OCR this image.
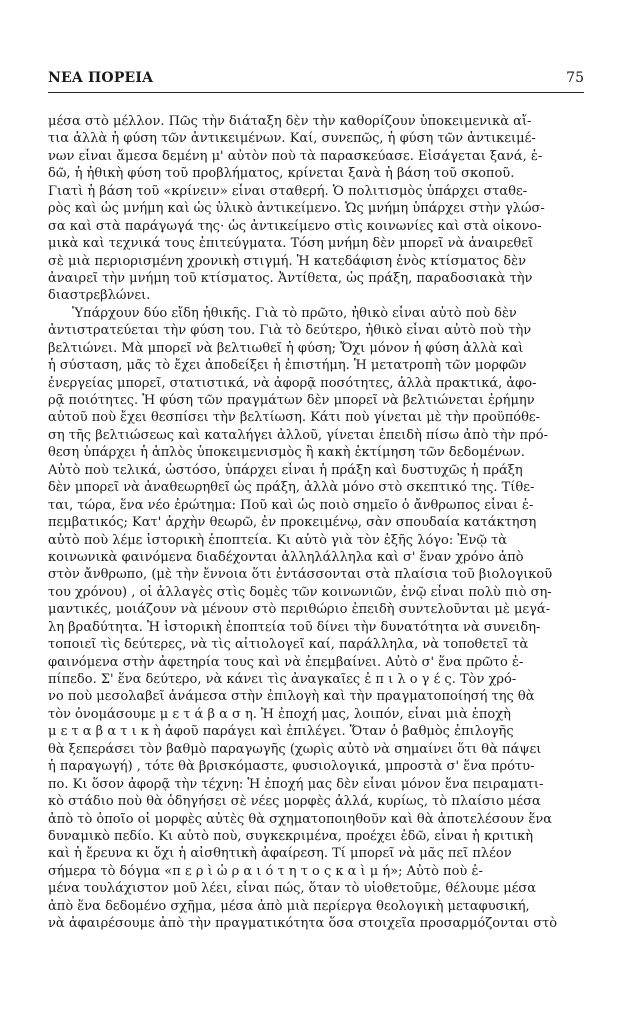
ΝΕΑ ΠΟΡΕΙΑ	75
μέσα στὸ μέλλον. Πῶς τὴν διάταξη δὲν τὴν καθορίζουν ὑποκειμενικὰ αἴ-
τια ἀλλὰ ἡ φύση τῶν ἀντικειμένων. Καί, συνεπῶς, ἡ φύση τῶν ἀντικειμέ-
νων εἶναι ἄμεσα δεμένη μ' αὐτὸν ποὺ τὰ παρασκεύασε. Εἰσάγεται ξανά, ἐ-
δῶ, ἡ ἠθικὴ φύση τοῦ προβλήματος, κρίνεται ξανὰ ἡ βάση τοῦ σκοποῦ.
Γιατὶ ἡ βάση τοῦ «κρίνειν» εἶναι σταθερή. Ὁ πολιτισμὸς ὑπάρχει σταθε-
ρὸς καὶ ὡς μνήμη καὶ ὡς ὑλικὸ ἀντικείμενο. Ὡς μνήμη ὑπάρχει στὴν γλώσ-
σα καὶ στὰ παράγωγά της· ὡς ἀντικείμενο στὶς κοινωνίες καὶ στὰ οἰκονο-
μικὰ καὶ τεχνικά τους ἐπιτεύγματα. Τόση μνήμη δὲν μπορεῖ νὰ ἀναιρεθεῖ
σὲ μιὰ περιορισμένη χρονικὴ στιγμή. Ἡ κατεδάφιση ἑνὸς κτίσματος δὲν
ἀναιρεῖ τὴν μνήμη τοῦ κτίσματος. Ἀντίθετα, ὡς πράξη, παραδοσιακὰ τὴν
διαστρεβλώνει.
Ὑπάρχουν δύο εἴδη ἠθικῆς. Γιὰ τὸ πρῶτο, ἠθικὸ εἶναι αὐτὸ ποὺ δὲν
ἀντιστρατεύεται τὴν φύση του. Γιὰ τὸ δεύτερο, ἠθικὸ εἶναι αὐτὸ ποὺ τὴν
βελτιώνει. Μὰ μπορεῖ νὰ βελτιωθεῖ ἡ φύση; Ὄχι μόνον ἡ φύση ἀλλὰ καὶ
ἡ σύσταση, μᾶς τὸ ἔχει ἀποδείξει ἡ ἐπιστήμη. Ἡ μετατροπὴ τῶν μορφῶν
ἐνεργείας μπορεῖ, στατιστικά, νὰ ἀφορᾷ ποσότητες, ἀλλὰ πρακτικά, ἀφο-
ρᾷ ποιότητες. Ἡ φύση τῶν πραγμάτων δὲν μπορεῖ νὰ βελτιώνεται ἐρήμην
αὐτοῦ ποὺ ἔχει θεσπίσει τὴν βελτίωση. Κάτι ποὺ γίνεται μὲ τὴν προϋπόθε-
ση τῆς βελτιώσεως καὶ καταλήγει ἀλλοῦ, γίνεται ἐπειδὴ πίσω ἀπὸ τὴν πρό-
θεση ὑπάρχει ἡ ἁπλὸς ὑποκειμενισμὸς ἢ κακὴ ἐκτίμηση τῶν δεδομένων.
Αὐτὸ ποὺ τελικά, ὡστόσο, ὑπάρχει εἶναι ἡ πράξη καὶ δυστυχῶς ἡ πράξη
δὲν μπορεῖ νὰ ἀναθεωρηθεῖ ὡς πράξη, ἀλλὰ μόνο στὸ σκεπτικό της. Τίθε-
ται, τώρα, ἕνα νέο ἐρώτημα: Ποῦ καὶ ὡς ποιὸ σημεῖο ὁ ἄνθρωπος εἶναι ἐ-
πεμβατικός; Κατ' ἀρχὴν θεωρῶ, ἐν προκειμένῳ, σὰν σπουδαία κατάκτηση
αὐτὸ ποὺ λέμε ἱστορικὴ ἐποπτεία. Κι αὐτὸ γιὰ τὸν ἑξῆς λόγο: Ἐνῷ τὰ
κοινωνικὰ φαινόμενα διαδέχονται ἀλληλάλληλα καὶ σ' ἕναν χρόνο ἀπὸ
στὸν ἄνθρωπο, (μὲ τὴν ἔννοια ὅτι ἐντάσσονται στὰ πλαίσια τοῦ βιολογικοῦ
του χρόνου) , οἱ ἀλλαγὲς στὶς δομὲς τῶν κοινωνιῶν, ἐνῷ εἶναι πολὺ πιὸ ση-
μαντικές, μοιάζουν νὰ μένουν στὸ περιθώριο ἐπειδὴ συντελοῦνται μὲ μεγά-
λη βραδύτητα. Ἡ ἱστορικὴ ἐποπτεία τοῦ δίνει τὴν δυνατότητα νὰ συνειδη-
τοποιεῖ τὶς δεύτερες, νὰ τὶς αἰτιολογεῖ καί, παράλληλα, νὰ τοποθετεῖ τὰ
φαινόμενα στὴν ἀφετηρία τους καὶ νὰ ἐπεμβαίνει. Αὐτὸ σ' ἕνα πρῶτο ἐ-
πίπεδο. Σ' ἕνα δεύτερο, νὰ κάνει τὶς ἀναγκαῖες ἐ π ι λ ο γ έ ς. Τὸν χρό-
νο ποὺ μεσολαβεῖ ἀνάμεσα στὴν ἐπιλογὴ καὶ τὴν πραγματοποίησή της θὰ
τὸν ὀνομάσουμε μ ε τ ά β α σ η. Ἡ ἐποχή μας, λοιπόν, εἶναι μιὰ ἐποχὴ
μ ε τ α β α τ ι κ ὴ ἀφοῦ παράγει καὶ ἐπιλέγει. Ὅταν ὁ βαθμὸς ἐπιλογῆς
θὰ ξεπεράσει τὸν βαθμὸ παραγωγῆς (χωρὶς αὐτὸ νὰ σημαίνει ὅτι θὰ πάψει
ἡ παραγωγή) , τότε θὰ βρισκόμαστε, φυσιολογικά, μπροστὰ σ' ἕνα πρότυ-
πο. Κι ὅσον ἀφορᾷ τὴν τέχνη: Ἡ ἐποχή μας δὲν εἶναι μόνον ἕνα πειραματι-
κὸ στάδιο ποὺ θὰ ὁδηγήσει σὲ νέες μορφὲς ἀλλά, κυρίως, τὸ πλαίσιο μέσα
ἀπὸ τὸ ὁποῖο οἱ μορφὲς αὐτὲς θὰ σχηματοποιηθοῦν καὶ θὰ ἀποτελέσουν ἕνα
δυναμικὸ πεδίο. Κι αὐτὸ ποὺ, συγκεκριμένα, προέχει ἐδῶ, εἶναι ἡ κριτικὴ
καὶ ἡ ἔρευνα κι ὄχι ἡ αἰσθητικὴ ἀφαίρεση. Τί μπορεῖ νὰ μᾶς πεῖ πλέον
σήμερα τὸ δόγμα «π ε ρ ὶ ὡ ρ α ι ό τ η τ ο ς κ α ὶ μ ή»; Αὐτὸ ποὺ ἐ-
μένα τουλάχιστον μοῦ λέει, εἶναι πώς, ὅταν τὸ υἱοθετοῦμε, θέλουμε μέσα
ἀπὸ ἕνα δεδομένο σχῆμα, μέσα ἀπὸ μιὰ περίεργα θεολογικὴ μεταφυσική,
νὰ ἀφαιρέσουμε ἀπὸ τὴν πραγματικότητα ὅσα στοιχεῖα προσαρμόζονται στὸ
